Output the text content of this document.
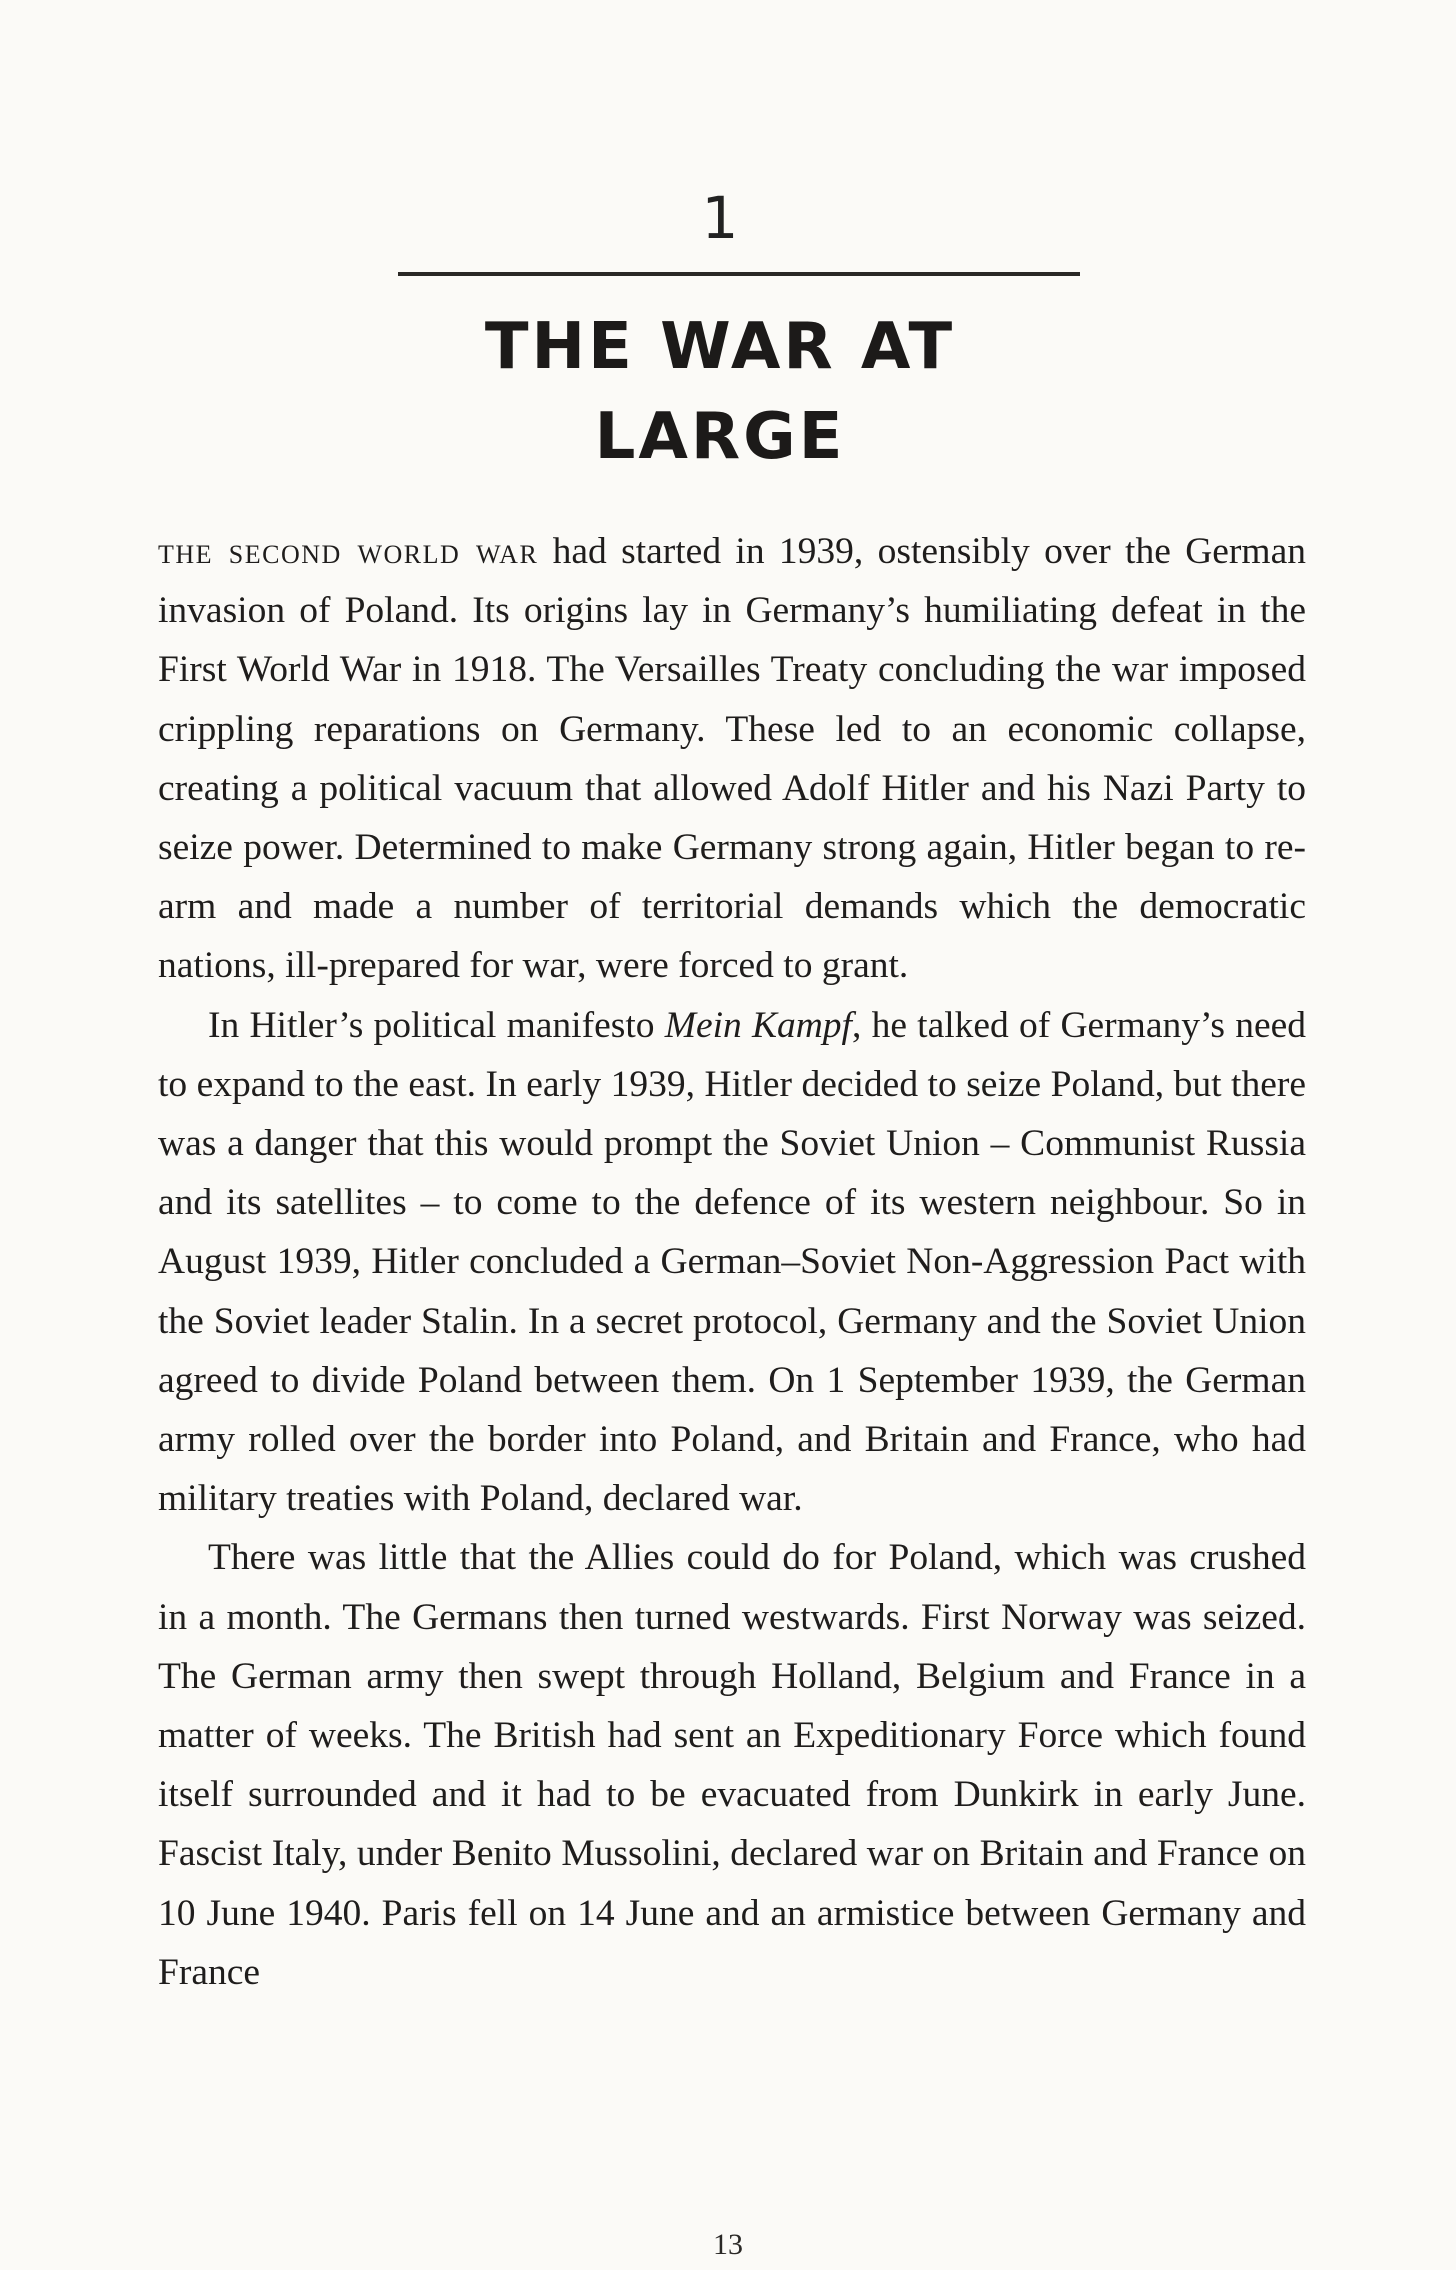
1
THE WAR AT LARGE

the second world war had started in 1939, ostensibly over the German invasion of Poland. Its origins lay in Germany’s humiliating defeat in the First World War in 1918. The Versailles Treaty concluding the war imposed crippling reparations on Germany. These led to an economic collapse, creating a political vacuum that allowed Adolf Hitler and his Nazi Party to seize power. Determined to make Germany strong again, Hitler began to re-arm and made a number of territorial demands which the democratic nations, ill-prepared for war, were forced to grant.

In Hitler’s political manifesto Mein Kampf, he talked of Germany’s need to expand to the east. In early 1939, Hitler decided to seize Poland, but there was a danger that this would prompt the Soviet Union – Communist Russia and its satellites – to come to the defence of its western neighbour. So in August 1939, Hitler concluded a German–Soviet Non-Aggression Pact with the Soviet leader Stalin. In a secret protocol, Germany and the Soviet Union agreed to divide Poland between them. On 1 September 1939, the German army rolled over the border into Poland, and Britain and France, who had military treaties with Poland, declared war.

There was little that the Allies could do for Poland, which was crushed in a month. The Germans then turned westwards. First Norway was seized. The German army then swept through Holland, Belgium and France in a matter of weeks. The British had sent an Expeditionary Force which found itself surrounded and it had to be evacuated from Dunkirk in early June. Fascist Italy, under Benito Mussolini, declared war on Britain and France on 10 June 1940. Paris fell on 14 June and an armistice between Germany and France

13
